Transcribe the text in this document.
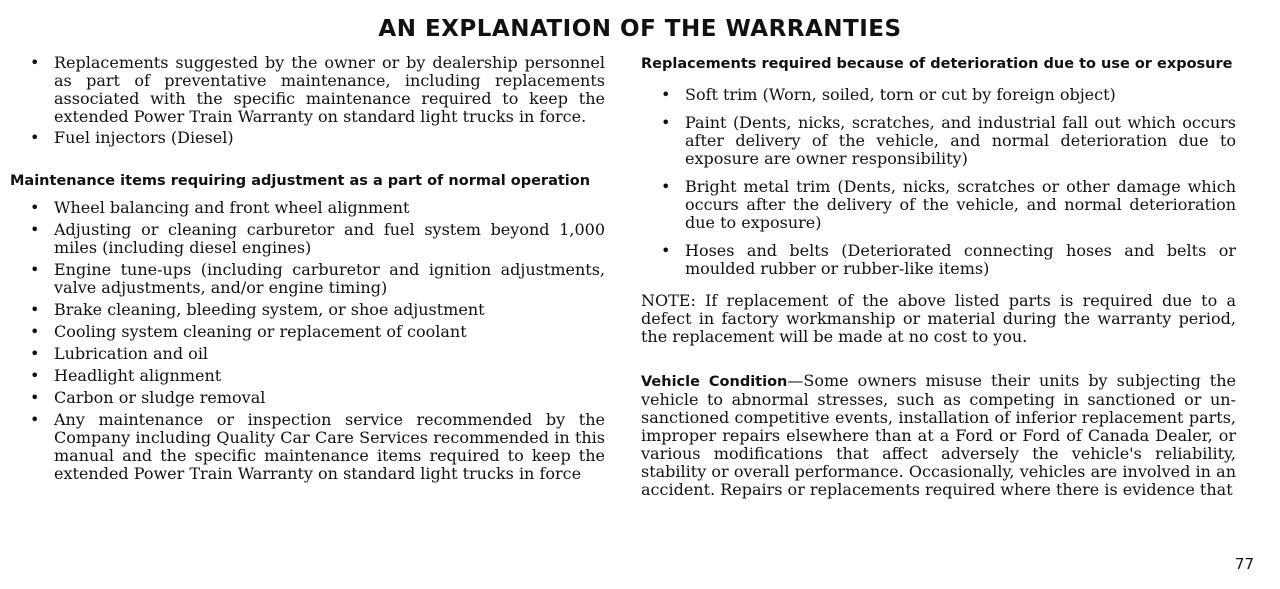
AN EXPLANATION OF THE WARRANTIES
• Replacements suggested by the owner or by dealership personnel as part of preventative maintenance, including replacements associated with the specific maintenance required to keep the extended Power Train Warranty on standard light trucks in force.
• Fuel injectors (Diesel)
Maintenance items requiring adjustment as a part of normal operation
• Wheel balancing and front wheel alignment
• Adjusting or cleaning carburetor and fuel system beyond 1,000 miles (including diesel engines)
• Engine tune-ups (including carburetor and ignition adjustments, valve adjustments, and/or engine timing)
• Brake cleaning, bleeding system, or shoe adjustment
• Cooling system cleaning or replacement of coolant
• Lubrication and oil
• Headlight alignment
• Carbon or sludge removal
• Any maintenance or inspection service recommended by the Company including Quality Car Care Services recommended in this manual and the specific maintenance items required to keep the extended Power Train Warranty on standard light trucks in force
Replacements required because of deterioration due to use or exposure
• Soft trim (Worn, soiled, torn or cut by foreign object)
• Paint (Dents, nicks, scratches, and industrial fall out which occurs after delivery of the vehicle, and normal deterioration due to exposure are owner responsibility)
• Bright metal trim (Dents, nicks, scratches or other damage which occurs after the delivery of the vehicle, and normal deterioration due to exposure)
• Hoses and belts (Deteriorated connecting hoses and belts or moulded rubber or rubber-like items)

NOTE: If replacement of the above listed parts is required due to a defect in factory workmanship or material during the warranty period, the replacement will be made at no cost to you.

Vehicle Condition—Some owners misuse their units by subjecting the vehicle to abnormal stresses, such as competing in sanctioned or un-sanctioned competitive events, installation of inferior replacement parts, improper repairs elsewhere than at a Ford or Ford of Canada Dealer, or various modifications that affect adversely the vehicle's reliability, stability or overall performance. Occasionally, vehicles are involved in an accident. Repairs or replacements required where there is evidence that

77
